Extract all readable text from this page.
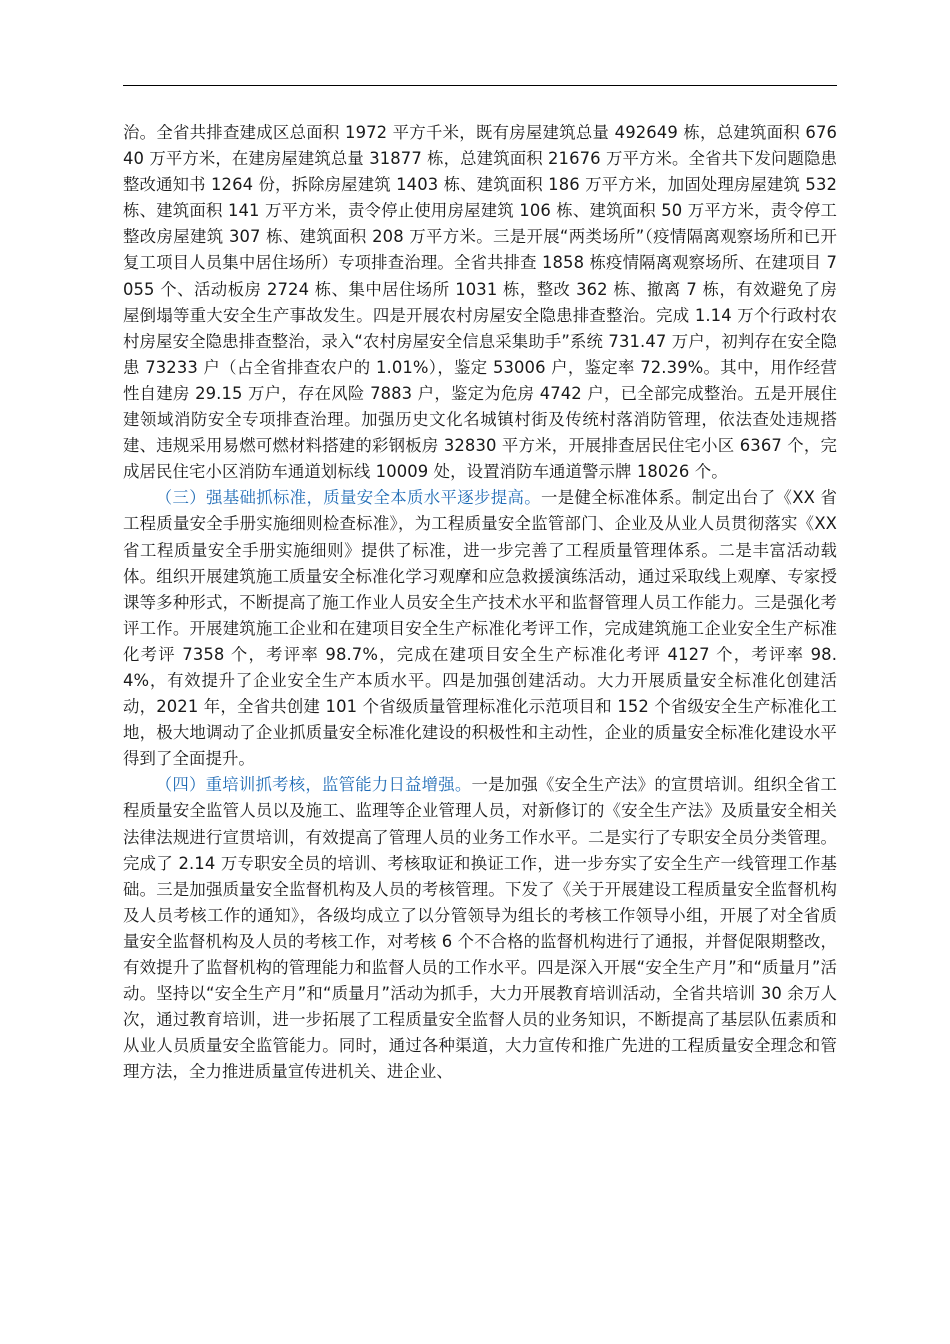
治。全省共排查建成区总面积 1972 平方千米，既有房屋建筑总量 492649 栋，总建筑面积 67640 万平方米，在建房屋建筑总量 31877 栋，总建筑面积 21676 万平方米。全省共下发问题隐患整改通知书 1264 份，拆除房屋建筑 1403 栋、建筑面积 186 万平方米，加固处理房屋建筑 532 栋、建筑面积 141 万平方米，责令停止使用房屋建筑 106 栋、建筑面积 50 万平方米，责令停工整改房屋建筑 307 栋、建筑面积 208 万平方米。三是开展“两类场所”（疫情隔离观察场所和已开复工项目人员集中居住场所）专项排查治理。全省共排查 1858 栋疫情隔离观察场所、在建项目 7055 个、活动板房 2724 栋、集中居住场所 1031 栋，整改 362 栋、撤离 7 栋，有效避免了房屋倒塌等重大安全生产事故发生。四是开展农村房屋安全隐患排查整治。完成 1.14 万个行政村农村房屋安全隐患排查整治，录入“农村房屋安全信息采集助手”系统 731.47 万户，初判存在安全隐患 73233 户（占全省排查农户的 1.01%），鉴定 53006 户，鉴定率 72.39%。其中，用作经营性自建房 29.15 万户，存在风险 7883 户，鉴定为危房 4742 户，已全部完成整治。五是开展住建领域消防安全专项排查治理。加强历史文化名城镇村街及传统村落消防管理，依法查处违规搭建、违规采用易燃可燃材料搭建的彩钢板房 32830 平方米，开展排查居民住宅小区 6367 个，完成居民住宅小区消防车通道划标线 10009 处，设置消防车通道警示牌 18026 个。

（三）强基础抓标准，质量安全本质水平逐步提高。一是健全标准体系。制定出台了《XX 省工程质量安全手册实施细则检查标准》，为工程质量安全监管部门、企业及从业人员贯彻落实《XX 省工程质量安全手册实施细则》提供了标准，进一步完善了工程质量管理体系。二是丰富活动载体。组织开展建筑施工质量安全标准化学习观摩和应急救援演练活动，通过采取线上观摩、专家授课等多种形式，不断提高了施工作业人员安全生产技术水平和监督管理人员工作能力。三是强化考评工作。开展建筑施工企业和在建项目安全生产标准化考评工作，完成建筑施工企业安全生产标准化考评 7358 个，考评率 98.7%，完成在建项目安全生产标准化考评 4127 个，考评率 98.4%，有效提升了企业安全生产本质水平。四是加强创建活动。大力开展质量安全标准化创建活动，2021 年，全省共创建 101 个省级质量管理标准化示范项目和 152 个省级安全生产标准化工地，极大地调动了企业抓质量安全标准化建设的积极性和主动性，企业的质量安全标准化建设水平得到了全面提升。

（四）重培训抓考核，监管能力日益增强。一是加强《安全生产法》的宣贯培训。组织全省工程质量安全监管人员以及施工、监理等企业管理人员，对新修订的《安全生产法》及质量安全相关法律法规进行宣贯培训，有效提高了管理人员的业务工作水平。二是实行了专职安全员分类管理。完成了 2.14 万专职安全员的培训、考核取证和换证工作，进一步夯实了安全生产一线管理工作基础。三是加强质量安全监督机构及人员的考核管理。下发了《关于开展建设工程质量安全监督机构及人员考核工作的通知》，各级均成立了以分管领导为组长的考核工作领导小组，开展了对全省质量安全监督机构及人员的考核工作，对考核 6 个不合格的监督机构进行了通报，并督促限期整改，有效提升了监督机构的管理能力和监督人员的工作水平。四是深入开展“安全生产月”和“质量月”活动。坚持以“安全生产月”和“质量月”活动为抓手，大力开展教育培训活动，全省共培训 30 余万人次，通过教育培训，进一步拓展了工程质量安全监督人员的业务知识，不断提高了基层队伍素质和从业人员质量安全监管能力。同时，通过各种渠道，大力宣传和推广先进的工程质量安全理念和管理方法，全力推进质量宣传进机关、进企业、
